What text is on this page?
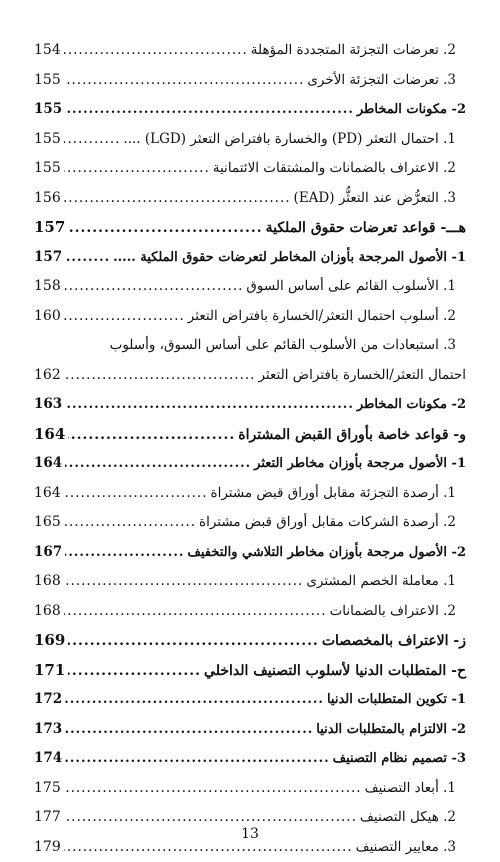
2. تعرضات التجزئة المتجددة المؤهلة
.....
154
3. تعرضات التجزئة الأخرى
.....
155
2- مكونات المخاطر
.....
155
1. احتمال التعثر (PD) والخسارة بافتراض التعثر (LGD) ....
.....
155
2. الاعتراف بالضمانات والمشتقات الائتمانية
.....
155
3. التعرُّض عند التعثُّر (EAD)
.....
156
هـــ- قواعد تعرضات حقوق الملكية
.....
157
1- الأصول المرجحة بأوزان المخاطر لتعرضات حقوق الملكية .....
.....
157
1. الأسلوب القائم على أساس السوق
.....
158
2. أسلوب احتمال التعثر/الخسارة بافتراض التعثر
.....
160
3. استبعادات من الأسلوب القائم على أساس السوق، وأسلوب
احتمال التعثر/الخسارة بافتراض التعثر
.....
162
2- مكونات المخاطر
.....
163
و- قواعد خاصة بأوراق القبض المشتراة
.....
164
1- الأصول مرجحة بأوزان مخاطر التعثر
.....
164
1. أرصدة التجزئة مقابل أوراق قبض مشتراة
.....
164
2. أرصدة الشركات مقابل أوراق قبض مشتراة
.....
165
2- الأصول مرجحة بأوزان مخاطر التلاشي والتخفيف
.....
167
1. معاملة الخصم المشترى
.....
168
2. الاعتراف بالضمانات
.....
168
ز- الاعتراف بالمخصصات
.....
169
ح- المتطلبات الدنيا لأسلوب التصنيف الداخلي
.....
171
1- تكوين المتطلبات الدنيا
.....
172
2- الالتزام بالمتطلبات الدنيا
.....
173
3- تصميم نظام التصنيف
.....
174
1. أبعاد التصنيف
.....
175
2. هيكل التصنيف
.....
177
3. معايير التصنيف
.....
179
13
